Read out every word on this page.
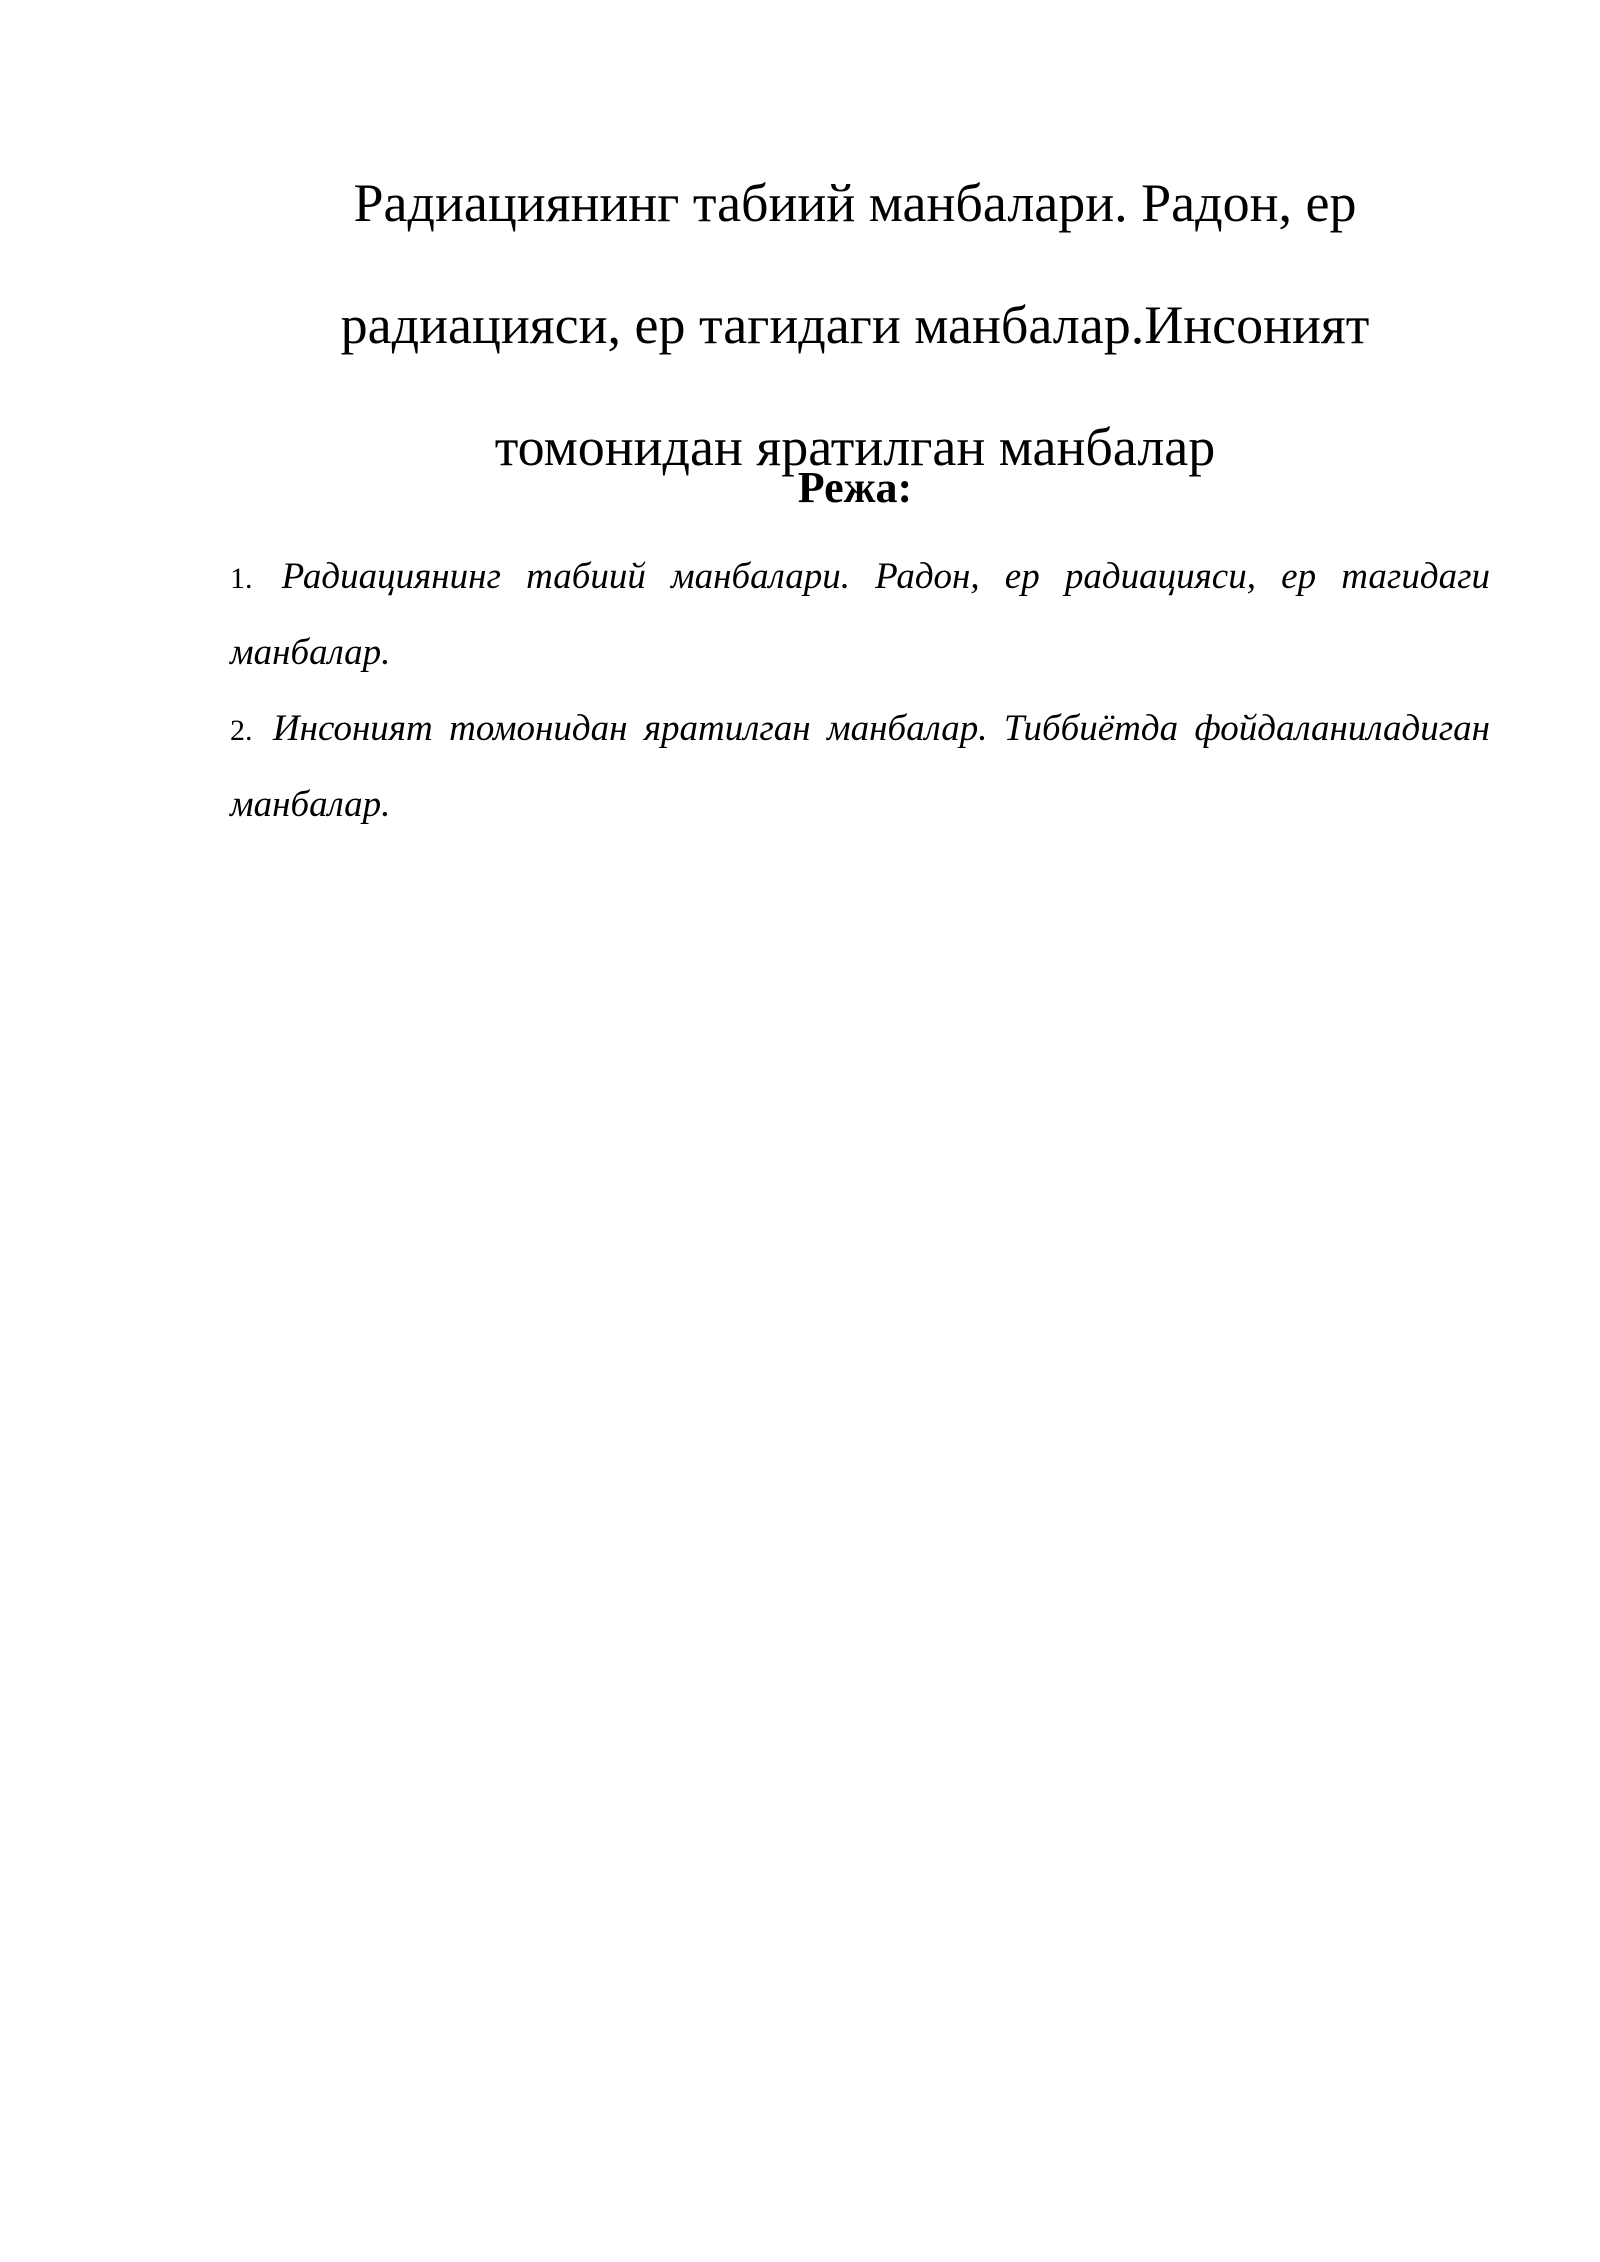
Радиациянинг табиий манбалари. Радон, ер
радиацияси, ер тагидаги манбалар.Инсоният
томонидан яратилган манбалар
Режа:
1. Радиациянинг табиий манбалари. Радон, ер радиацияси, ер тагидаги манбалар.
2. Инсоният томонидан яратилган манбалар. Тиббиётда фойдаланиладиган манбалар.
